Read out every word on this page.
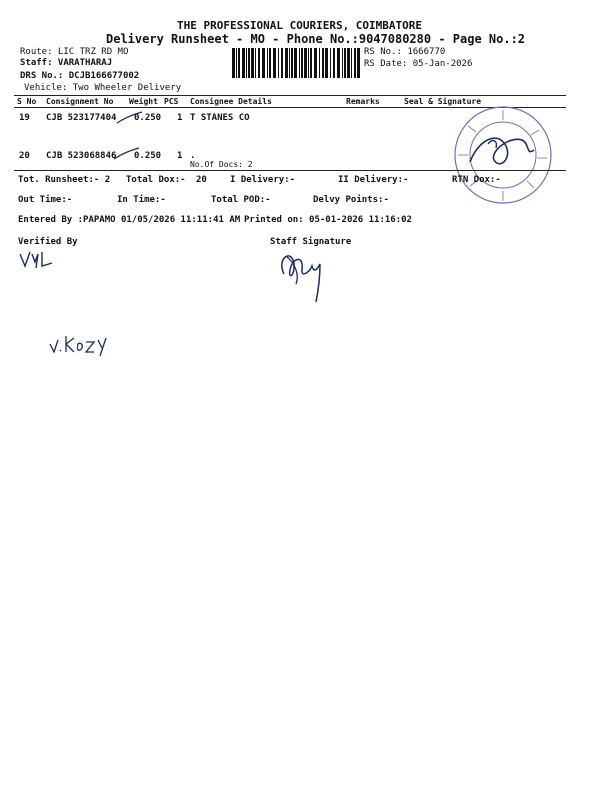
THE PROFESSIONAL COURIERS, COIMBATORE
Delivery Runsheet - MO - Phone No.:9047080280 - Page No.:2
Route: LIC TRZ RD MO
Staff: VARATHARAJ
DRS No.: DCJB166677002
Vehicle: Two Wheeler Delivery
RS No.: 1666770
RS Date: 05-Jan-2026
S No Consignment No Weight PCS Consignee Details	Remarks	Seal & Signature
19 CJB 523177404 0.250 1 T STANES CO
20 CJB 523068846 0.250 1 .
No.Of Docs: 2
Tot. Runsheet:- 2 Total Dox:- 20	I Delivery:-	II Delivery:-	RTN Dox:-
Out Time:-	In Time:-	Total POD:-	Delvy Points:-
Entered By :PAPAMO 01/05/2026 11:11:41 AM Printed on: 05-01-2026 11:16:02
Verified By	Staff Signature
